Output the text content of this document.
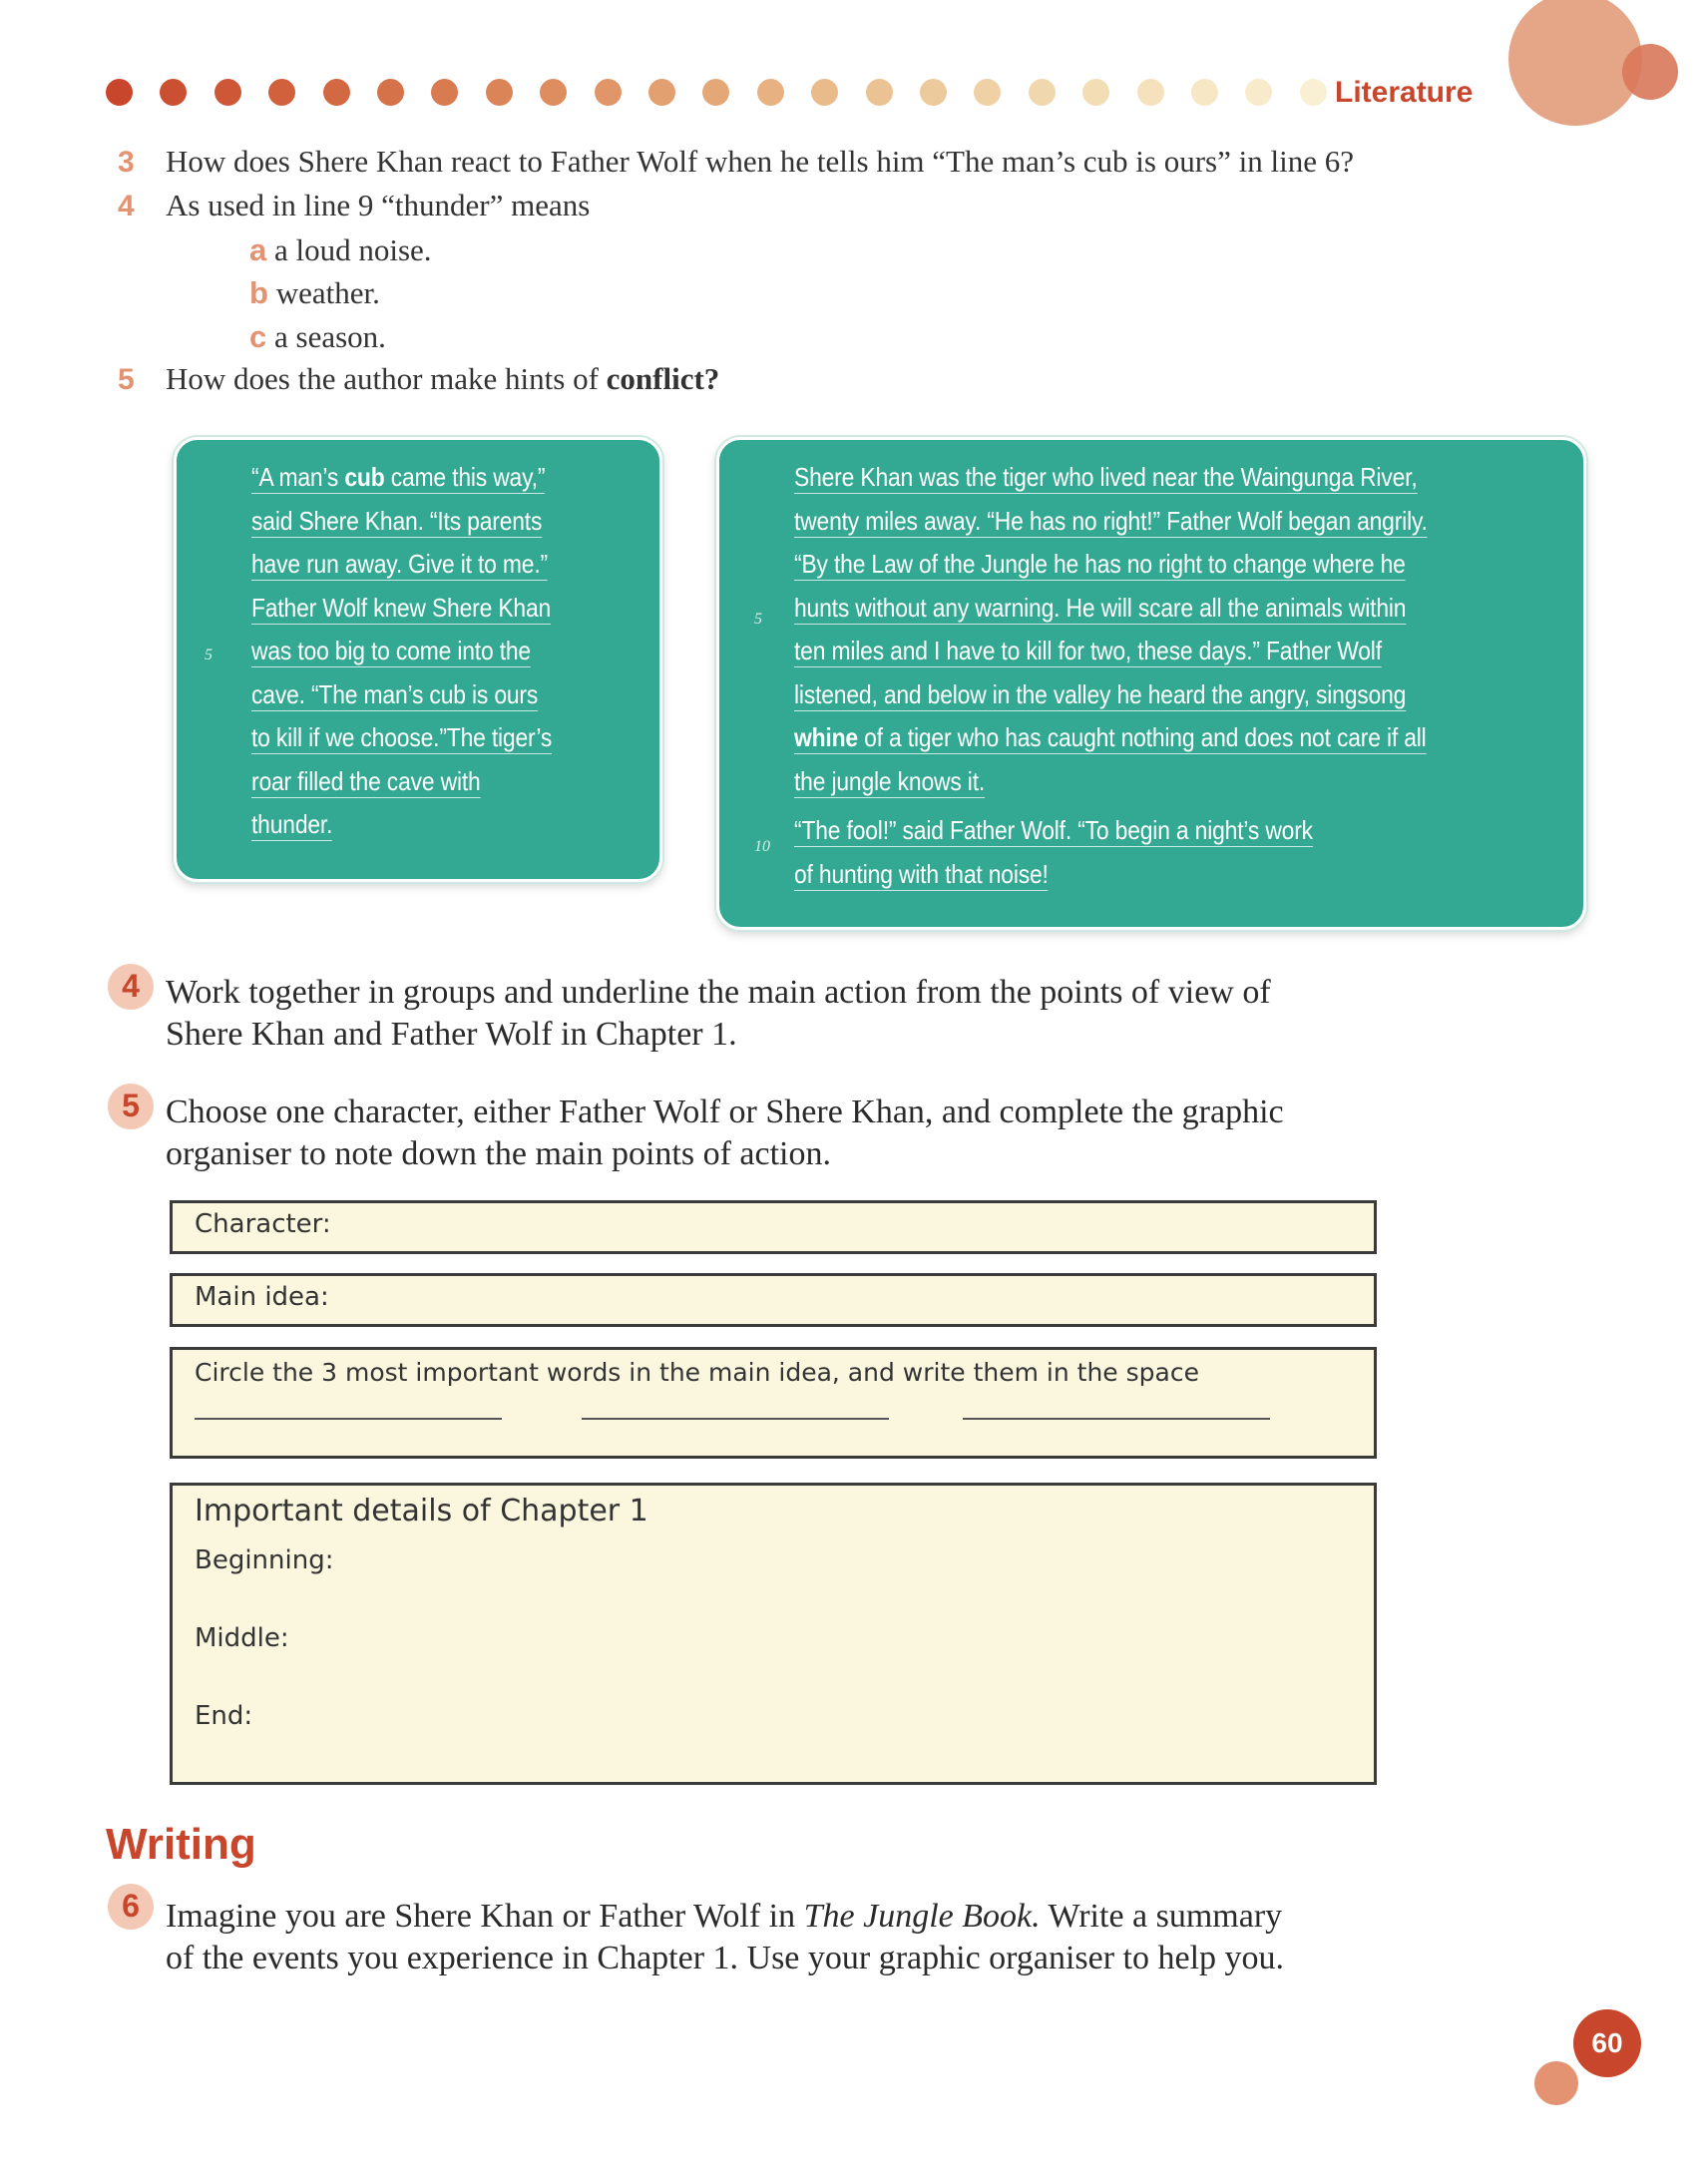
Literature
3 How does Shere Khan react to Father Wolf when he tells him “The man’s cub is ours” in line 6?
4 As used in line 9 “thunder” means
a a loud noise.
b weather.
c a season.
5 How does the author make hints of conflict?
5
“A man’s cub came this way,”
said Shere Khan. “Its parents
have run away. Give it to me.”
Father Wolf knew Shere Khan
was too big to come into the
cave. “The man’s cub is ours
to kill if we choose.”The tiger’s
roar filled the cave with
thunder.
5
10
Shere Khan was the tiger who lived near the Waingunga River,
twenty miles away. “He has no right!” Father Wolf began angrily.
“By the Law of the Jungle he has no right to change where he
hunts without any warning. He will scare all the animals within
ten miles and I have to kill for two, these days.” Father Wolf
listened, and below in the valley he heard the angry, singsong
whine of a tiger who has caught nothing and does not care if all
the jungle knows it.
“The fool!” said Father Wolf. “To begin a night’s work
of hunting with that noise!
4 Work together in groups and underline the main action from the points of view of
Shere Khan and Father Wolf in Chapter 1.
5 Choose one character, either Father Wolf or Shere Khan, and complete the graphic
organiser to note down the main points of action.
Character:
Main idea:
Circle the 3 most important words in the main idea, and write them in the space
Important details of Chapter 1
Beginning:
Middle:
End:
Writing
6 Imagine you are Shere Khan or Father Wolf in The Jungle Book. Write a summary
of the events you experience in Chapter 1. Use your graphic organiser to help you.
60
